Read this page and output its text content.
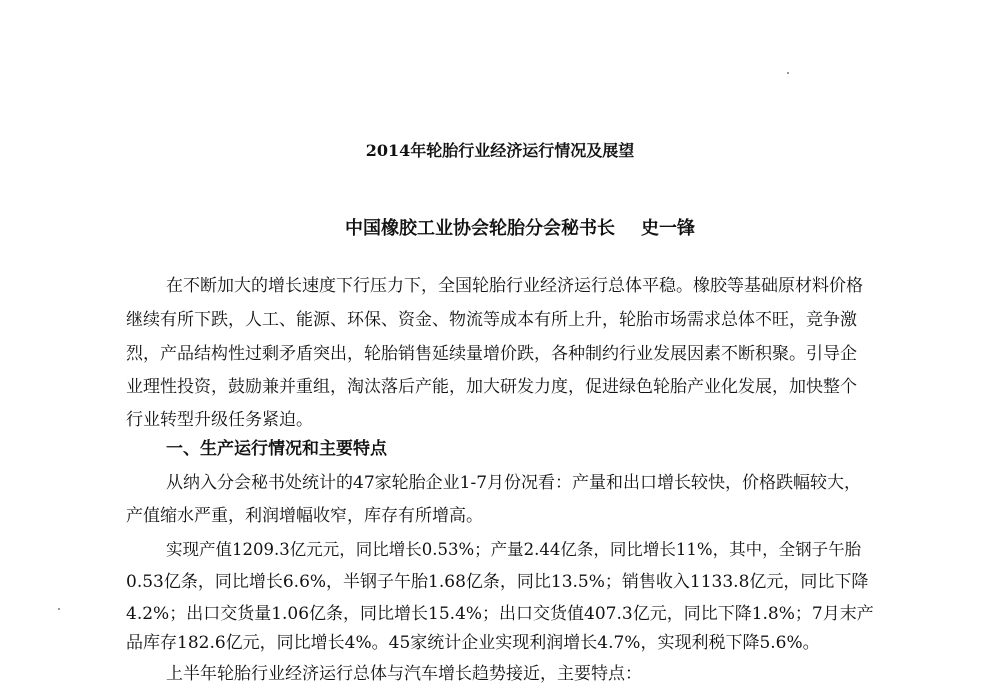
2014年轮胎行业经济运行情况及展望
中国橡胶工业协会轮胎分会秘书长 史一锋
在不断加大的增长速度下行压力下，全国轮胎行业经济运行总体平稳。橡胶等基础原材料价格
继续有所下跌，人工、能源、环保、资金、物流等成本有所上升，轮胎市场需求总体不旺，竞争激
烈，产品结构性过剩矛盾突出，轮胎销售延续量增价跌，各种制约行业发展因素不断积聚。引导企
业理性投资，鼓励兼并重组，淘汰落后产能，加大研发力度，促进绿色轮胎产业化发展，加快整个
行业转型升级任务紧迫。
一、生产运行情况和主要特点
从纳入分会秘书处统计的47家轮胎企业1-7月份况看：产量和出口增长较快，价格跌幅较大，
产值缩水严重，利润增幅收窄，库存有所增高。
实现产值1209.3亿元元，同比增长0.53%；产量2.44亿条，同比增长11%，其中，全钢子午胎
0.53亿条，同比增长6.6%，半钢子午胎1.68亿条，同比13.5%；销售收入1133.8亿元，同比下降
4.2%；出口交货量1.06亿条，同比增长15.4%；出口交货值407.3亿元，同比下降1.8%；7月末产
品库存182.6亿元，同比增长4%。45家统计企业实现利润增长4.7%，实现利税下降5.6%。
上半年轮胎行业经济运行总体与汽车增长趋势接近，主要特点：
